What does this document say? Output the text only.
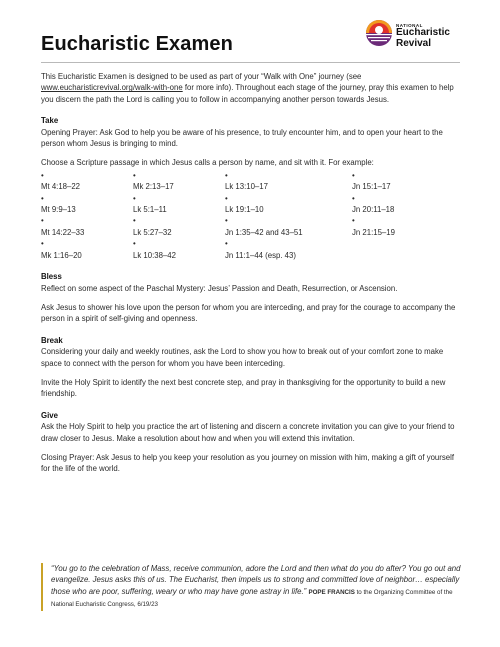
Eucharistic Examen
NATIONAL
Eucharistic
Revival

This Eucharistic Examen is designed to be used as part of your “Walk with One” journey (see www.eucharisticrevival.org/walk-with-one for more info). Throughout each stage of the journey, pray this examen to help you discern the path the Lord is calling you to follow in accompanying another person towards Jesus.

Take

Opening Prayer: Ask God to help you be aware of his presence, to truly encounter him, and to open your heart to the person whom Jesus is bringing to mind.

Choose a Scripture passage in which Jesus calls a person by name, and sit with it. For example:

•
Mt 4:18–22
•
Mk 2:13–17
•
Lk 13:10–17
•
Jn 15:1–17
•
Mt 9:9–13
•
Lk 5:1–11
•
Lk 19:1–10
•
Jn 20:11–18
•
Mt 14:22–33
•
Lk 5:27–32
•
Jn 1:35–42 and 43–51
•
Jn 21:15–19
•
Mk 1:16–20
•
Lk 10:38–42
•
Jn 11:1–44 (esp. 43)

Bless

Reflect on some aspect of the Paschal Mystery: Jesus’ Passion and Death, Resurrection, or Ascension.

Ask Jesus to shower his love upon the person for whom you are interceding, and pray for the courage to accompany the person in a spirit of self-giving and openness.

Break

Considering your daily and weekly routines, ask the Lord to show you how to break out of your comfort zone to make space to connect with the person for whom you have been interceding.

Invite the Holy Spirit to identify the next best concrete step, and pray in thanksgiving for the opportunity to build a new friendship.

Give

Ask the Holy Spirit to help you practice the art of listening and discern a concrete invitation you can give to your friend to draw closer to Jesus. Make a resolution about how and when you will extend this invitation.

Closing Prayer: Ask Jesus to help you keep your resolution as you journey on mission with him, making a gift of yourself for the life of the world.

“You go to the celebration of Mass, receive communion, adore the Lord and then what do you do after? You go out and evangelize. Jesus asks this of us. The Eucharist, then impels us to strong and committed love of neighbor… especially those who are poor, suffering, weary or who may have gone astray in life.” POPE FRANCIS to the Organizing Committee of the National Eucharistic Congress, 6/19/23
